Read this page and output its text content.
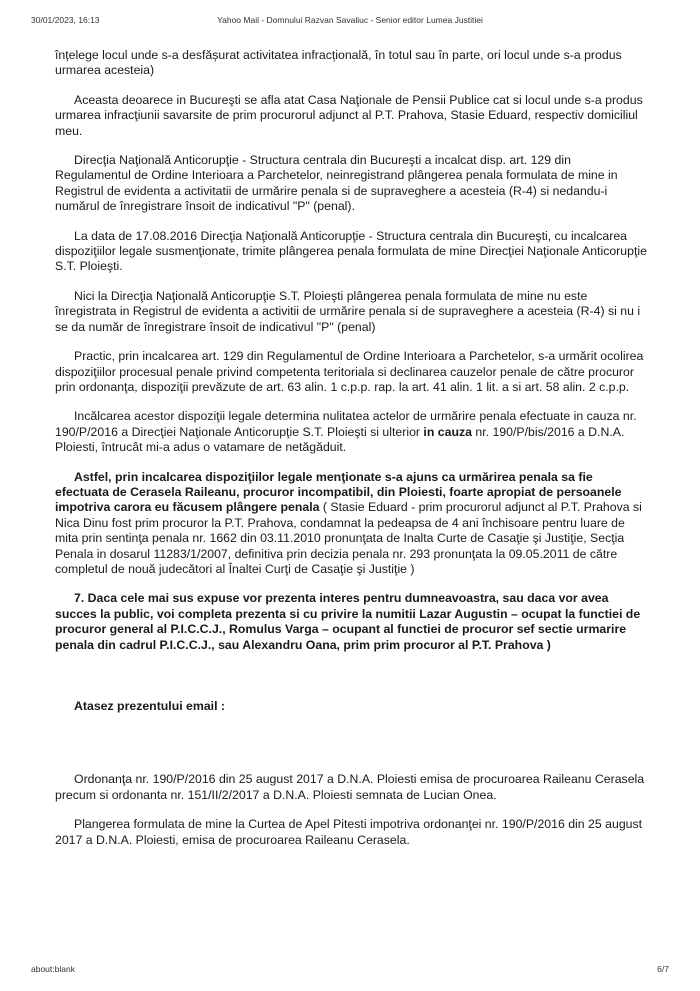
30/01/2023, 16:13	Yahoo Mail - Domnului Razvan Savaliuc - Senior editor Lumea Justitiei

înțelege locul unde s-a desfășurat activitatea infracțională, în totul sau în parte, ori locul unde s-a produs urmarea acesteia)

Aceasta deoarece in Bucureşti se afla atat Casa Naţionale de Pensii Publice cat si locul unde s-a produs urmarea infracţiunii savarsite de prim procurorul adjunct al P.T. Prahova, Stasie Eduard, respectiv domiciliul meu.

Direcţia Naţională Anticorupţie - Structura centrala din Bucureşti a incalcat disp. art. 129 din Regulamentul de Ordine Interioara a Parchetelor, neinregistrand plângerea penala formulata de mine in Registrul de evidenta a activitatii de urmărire penala si de supraveghere a acesteia (R-4) si nedandu-i numărul de înregistrare însoit de indicativul "P" (penal).

La data de 17.08.2016 Direcţia Naţională Anticorupţie - Structura centrala din Bucureşti, cu incalcarea dispoziţiilor legale susmenţionate, trimite plângerea penala formulata de mine Direcţiei Naţionale Anticorupţie S.T. Ploieşti.

Nici la Direcţia Naţională Anticorupţie S.T. Ploieşti plângerea penala formulata de mine nu este înregistrata in Registrul de evidenta a activitii de urmărire penala si de supraveghere a acesteia (R-4) si nu i se da număr de înregistrare însoit de indicativul "P" (penal)

Practic, prin incalcarea art. 129 din Regulamentul de Ordine Interioara a Parchetelor, s-a urmărit ocolirea dispoziţiilor procesual penale privind competenta teritoriala si declinarea cauzelor penale de către procuror prin ordonanţa, dispoziţii prevăzute de art. 63 alin. 1 c.p.p. rap. la art. 41 alin. 1 lit. a si art. 58 alin. 2 c.p.p.

Incălcarea acestor dispoziţii legale determina nulitatea actelor de urmărire penala efectuate in cauza nr. 190/P/2016 a Direcţiei Naţionale Anticorupţie S.T. Ploieşti si ulterior in cauza nr. 190/P/bis/2016 a D.N.A. Ploiesti, întrucât mi-a adus o vatamare de netăgăduit.

Astfel, prin incalcarea dispoziţiilor legale menţionate s-a ajuns ca urmărirea penala sa fie efectuata de Cerasela Raileanu, procuror incompatibil, din Ploiesti, foarte apropiat de persoanele impotriva carora eu făcusem plângere penala ( Stasie Eduard - prim procurorul adjunct al P.T. Prahova si Nica Dinu fost prim procuror la P.T. Prahova, condamnat la pedeapsa de 4 ani închisoare pentru luare de mita prin sentinţa penala nr. 1662 din 03.11.2010 pronunţata de Inalta Curte de Casaţie şi Justiţie, Secţia Penala in dosarul 11283/1/2007, definitiva prin decizia penala nr. 293 pronunţata la 09.05.2011 de către completul de nouă judecători al Înaltei Curţi de Casaţie şi Justiţie )

7. Daca cele mai sus expuse vor prezenta interes pentru dumneavoastra, sau daca vor avea succes la public, voi completa prezenta si cu privire la numitii Lazar Augustin – ocupat la functiei de procuror general al P.I.C.C.J., Romulus Varga – ocupant al functiei de procuror sef sectie urmarire penala din cadrul P.I.C.C.J., sau Alexandru Oana, prim prim procuror al P.T. Prahova )

Atasez prezentului email :

Ordonanţa nr. 190/P/2016 din 25 august 2017 a D.N.A. Ploiesti emisa de procuroarea Raileanu Cerasela precum si ordonanta nr. 151/II/2/2017 a D.N.A. Ploiesti semnata de Lucian Onea.

Plangerea formulata de mine la Curtea de Apel Pitesti impotriva ordonanţei nr. 190/P/2016 din 25 august 2017 a D.N.A. Ploiesti, emisa de procuroarea Raileanu Cerasela.

about:blank	6/7
